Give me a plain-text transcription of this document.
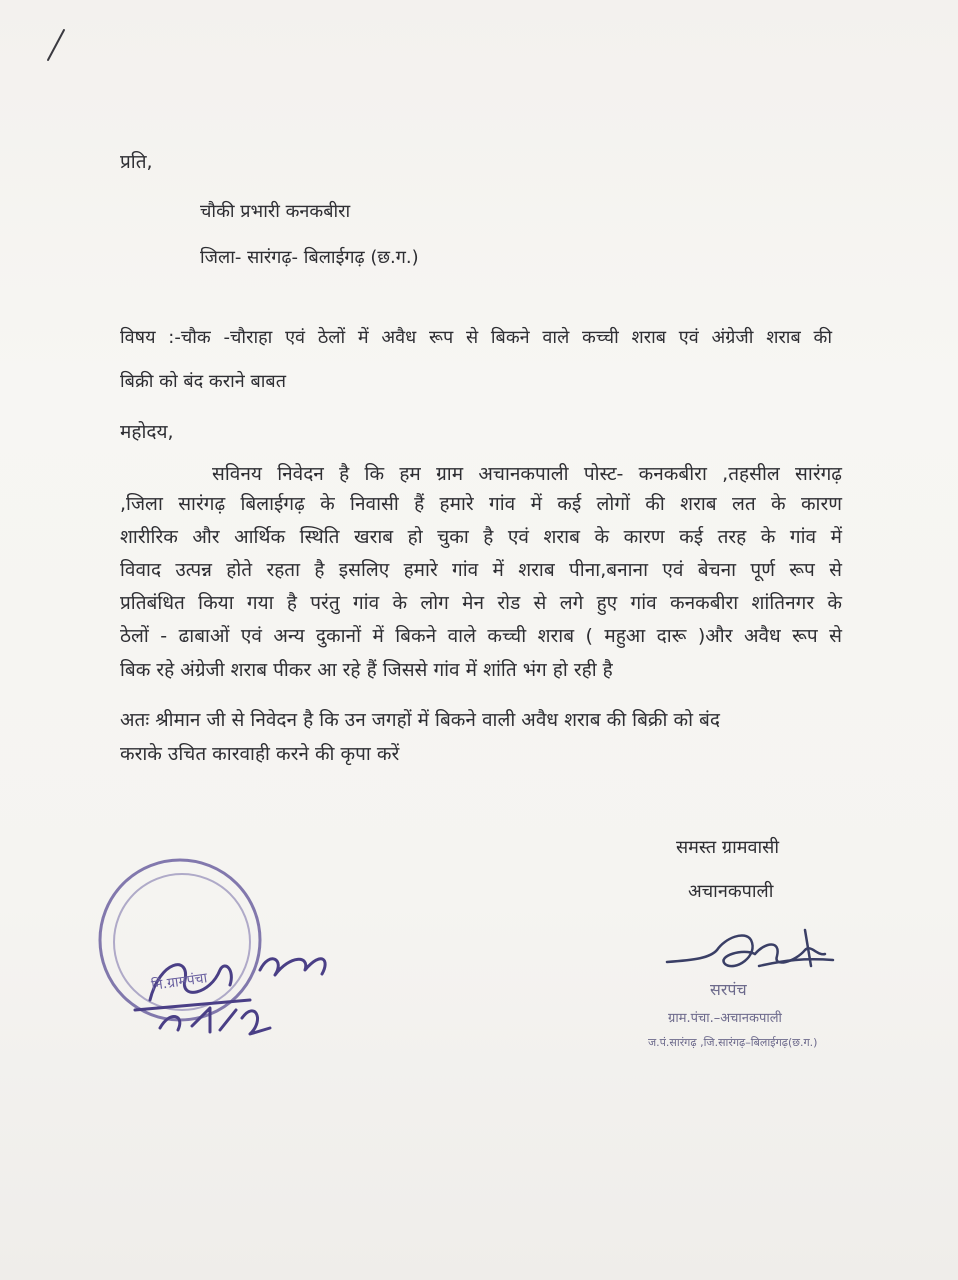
प्रति,
चौकी प्रभारी कनकबीरा
जिला- सारंगढ़- बिलाईगढ़ (छ.ग.)
विषय :-चौक -चौराहा एवं ठेलों में अवैध रूप से बिकने वाले कच्ची शराब एवं अंग्रेजी शराब की
बिक्री को बंद कराने बाबत
महोदय,
सविनय निवेदन है कि हम ग्राम अचानकपाली पोस्ट- कनकबीरा ,तहसील सारंगढ़
,जिला सारंगढ़ बिलाईगढ़ के निवासी हैं हमारे गांव में कई लोगों की शराब लत के कारण
शारीरिक और आर्थिक स्थिति खराब हो चुका है एवं शराब के कारण कई तरह के गांव में
विवाद उत्पन्न होते रहता है इसलिए हमारे गांव में शराब पीना,बनाना एवं बेचना पूर्ण रूप से
प्रतिबंधित किया गया है परंतु गांव के लोग मेन रोड से लगे हुए गांव कनकबीरा शांतिनगर के
ठेलों - ढाबाओं एवं अन्य दुकानों में बिकने वाले कच्ची शराब ( महुआ दारू )और अवैध रूप से
बिक रहे अंग्रेजी शराब पीकर आ रहे हैं जिससे गांव में शांति भंग हो रही है
अतः श्रीमान जी से निवेदन है कि उन जगहों में बिकने वाली अवैध शराब की बिक्री को बंद
कराके उचित कारवाही करने की कृपा करें
समस्त ग्रामवासी
अचानकपाली
नि.ग्रामपंचा	सरपंच
ग्राम.पंचा.–अचानकपाली
ज.पं.सारंगढ़ ,जि.सारंगढ़–बिलाईगढ़(छ.ग.)
